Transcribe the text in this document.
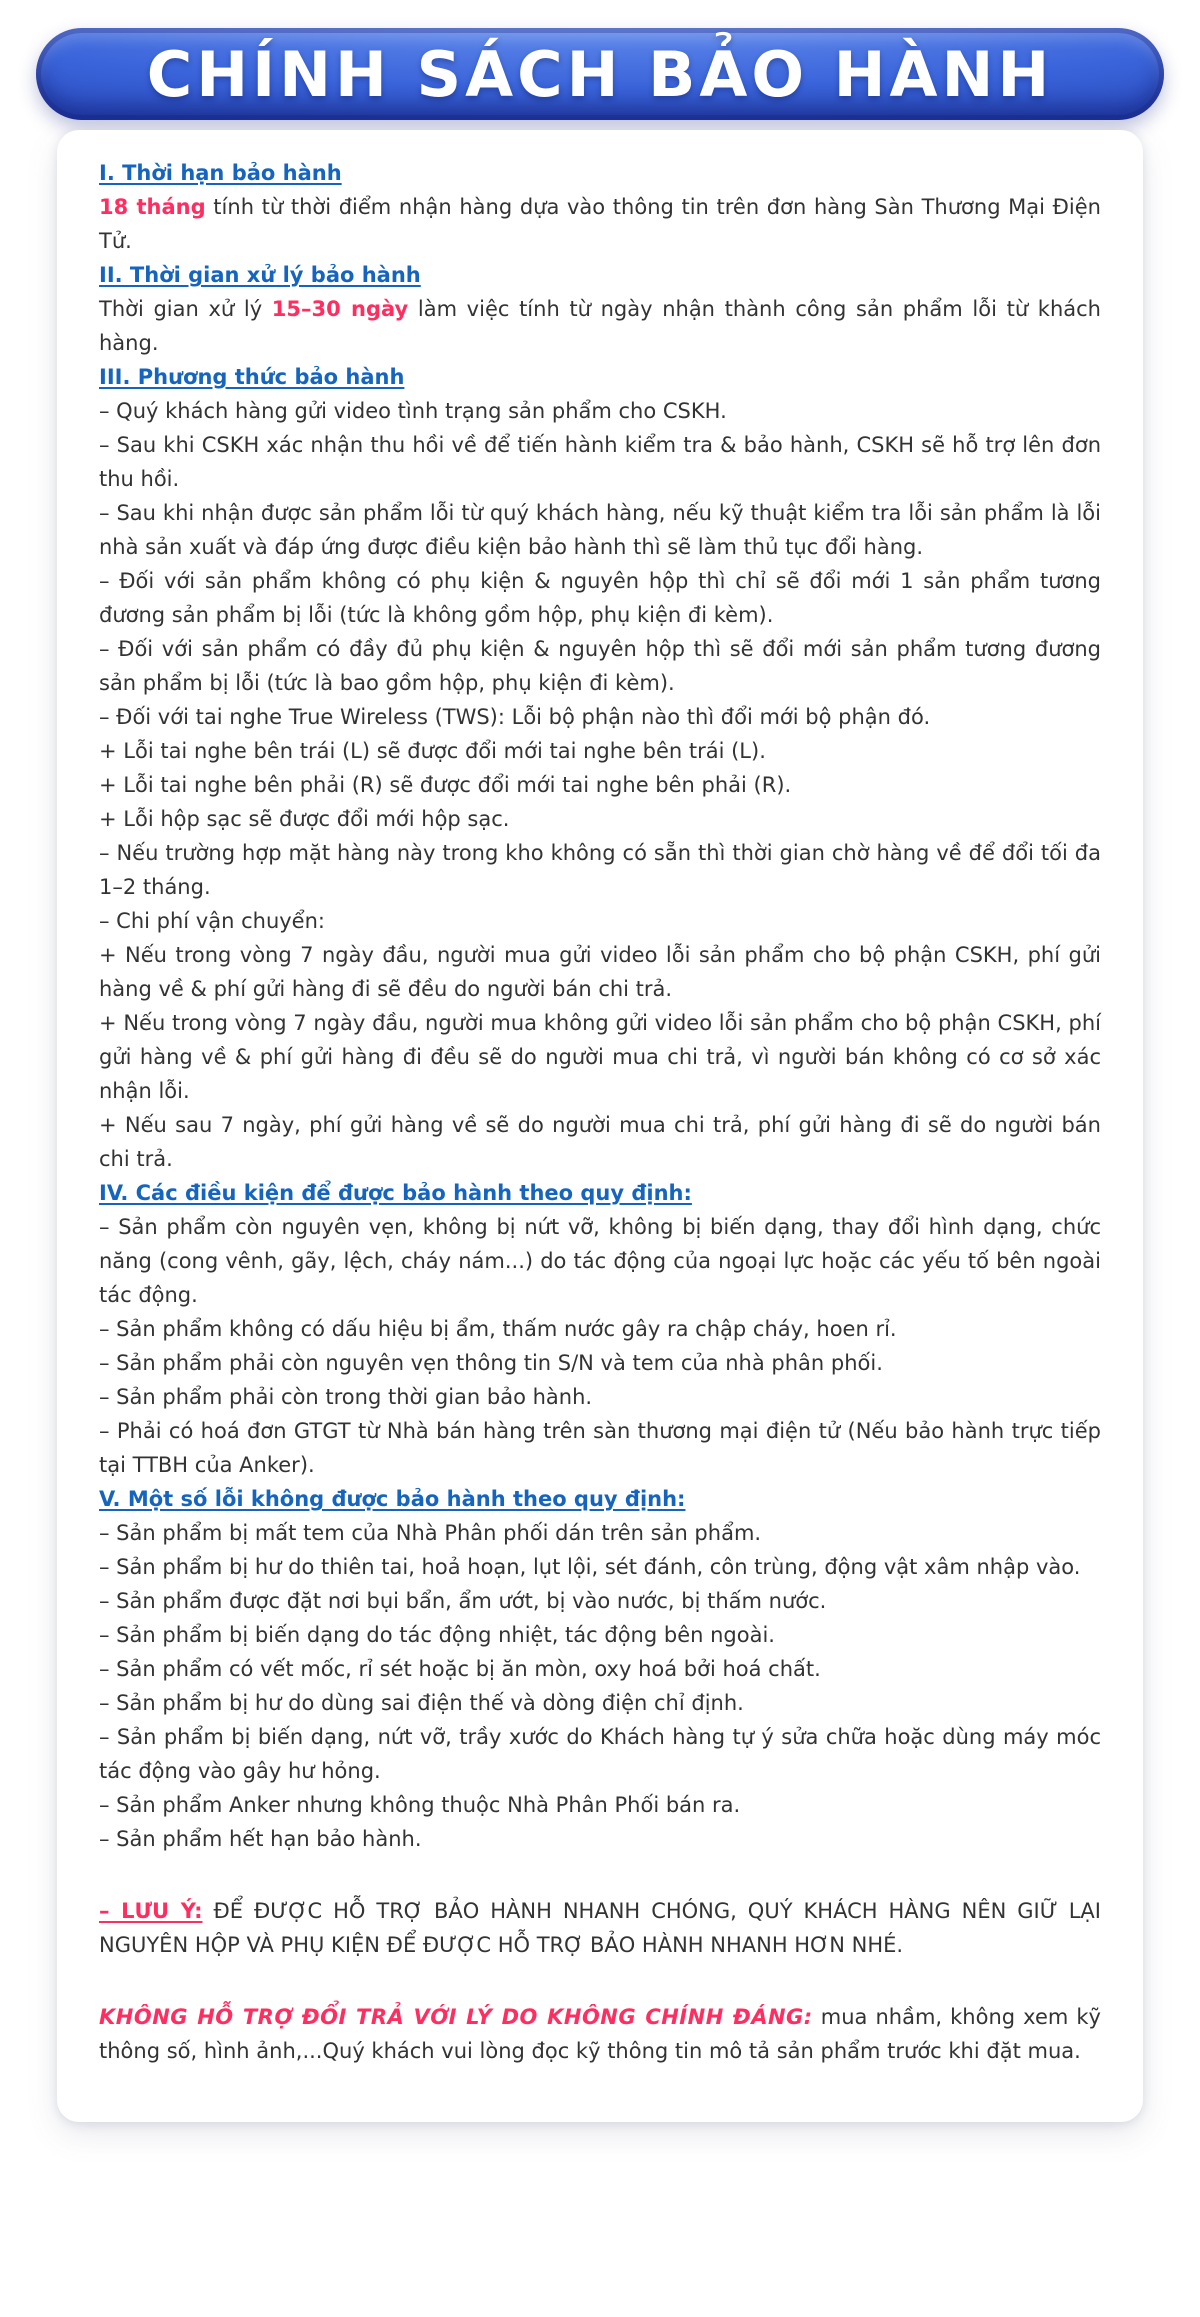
CHÍNH SÁCH BẢO HÀNH
I. Thời hạn bảo hành

18 tháng tính từ thời điểm nhận hàng dựa vào thông tin trên đơn hàng Sàn Thương Mại Điện Tử.

II. Thời gian xử lý bảo hành

Thời gian xử lý 15–30 ngày làm việc tính từ ngày nhận thành công sản phẩm lỗi từ khách hàng.

III. Phương thức bảo hành

– Quý khách hàng gửi video tình trạng sản phẩm cho CSKH.

– Sau khi CSKH xác nhận thu hồi về để tiến hành kiểm tra & bảo hành, CSKH sẽ hỗ trợ lên đơn thu hồi.

– Sau khi nhận được sản phẩm lỗi từ quý khách hàng, nếu kỹ thuật kiểm tra lỗi sản phẩm là lỗi nhà sản xuất và đáp ứng được điều kiện bảo hành thì sẽ làm thủ tục đổi hàng.

– Đối với sản phẩm không có phụ kiện & nguyên hộp thì chỉ sẽ đổi mới 1 sản phẩm tương đương sản phẩm bị lỗi (tức là không gồm hộp, phụ kiện đi kèm).

– Đối với sản phẩm có đầy đủ phụ kiện & nguyên hộp thì sẽ đổi mới sản phẩm tương đương sản phẩm bị lỗi (tức là bao gồm hộp, phụ kiện đi kèm).

– Đối với tai nghe True Wireless (TWS): Lỗi bộ phận nào thì đổi mới bộ phận đó.

+ Lỗi tai nghe bên trái (L) sẽ được đổi mới tai nghe bên trái (L).

+ Lỗi tai nghe bên phải (R) sẽ được đổi mới tai nghe bên phải (R).

+ Lỗi hộp sạc sẽ được đổi mới hộp sạc.

– Nếu trường hợp mặt hàng này trong kho không có sẵn thì thời gian chờ hàng về để đổi tối đa 1–2 tháng.

– Chi phí vận chuyển:

+ Nếu trong vòng 7 ngày đầu, người mua gửi video lỗi sản phẩm cho bộ phận CSKH, phí gửi hàng về & phí gửi hàng đi sẽ đều do người bán chi trả.

+ Nếu trong vòng 7 ngày đầu, người mua không gửi video lỗi sản phẩm cho bộ phận CSKH, phí gửi hàng về & phí gửi hàng đi đều sẽ do người mua chi trả, vì người bán không có cơ sở xác nhận lỗi.

+ Nếu sau 7 ngày, phí gửi hàng về sẽ do người mua chi trả, phí gửi hàng đi sẽ do người bán chi trả.

IV. Các điều kiện để được bảo hành theo quy định:

– Sản phẩm còn nguyên vẹn, không bị nứt vỡ, không bị biến dạng, thay đổi hình dạng, chức năng (cong vênh, gãy, lệch, cháy nám...) do tác động của ngoại lực hoặc các yếu tố bên ngoài tác động.

– Sản phẩm không có dấu hiệu bị ẩm, thấm nước gây ra chập cháy, hoen rỉ.

– Sản phẩm phải còn nguyên vẹn thông tin S/N và tem của nhà phân phối.

– Sản phẩm phải còn trong thời gian bảo hành.

– Phải có hoá đơn GTGT từ Nhà bán hàng trên sàn thương mại điện tử (Nếu bảo hành trực tiếp tại TTBH của Anker).

V. Một số lỗi không được bảo hành theo quy định:

– Sản phẩm bị mất tem của Nhà Phân phối dán trên sản phẩm.

– Sản phẩm bị hư do thiên tai, hoả hoạn, lụt lội, sét đánh, côn trùng, động vật xâm nhập vào.

– Sản phẩm được đặt nơi bụi bẩn, ẩm ướt, bị vào nước, bị thấm nước.

– Sản phẩm bị biến dạng do tác động nhiệt, tác động bên ngoài.

– Sản phẩm có vết mốc, rỉ sét hoặc bị ăn mòn, oxy hoá bởi hoá chất.

– Sản phẩm bị hư do dùng sai điện thế và dòng điện chỉ định.

– Sản phẩm bị biến dạng, nứt vỡ, trầy xước do Khách hàng tự ý sửa chữa hoặc dùng máy móc tác động vào gây hư hỏng.

– Sản phẩm Anker nhưng không thuộc Nhà Phân Phối bán ra.

– Sản phẩm hết hạn bảo hành.

– LƯU Ý: ĐỂ ĐƯỢC HỖ TRỢ BẢO HÀNH NHANH CHÓNG, QUÝ KHÁCH HÀNG NÊN GIỮ LẠI NGUYÊN HỘP VÀ PHỤ KIỆN ĐỂ ĐƯỢC HỖ TRỢ BẢO HÀNH NHANH HƠN NHÉ.

KHÔNG HỖ TRỢ ĐỔI TRẢ VỚI LÝ DO KHÔNG CHÍNH ĐÁNG: mua nhầm, không xem kỹ thông số, hình ảnh,...Quý khách vui lòng đọc kỹ thông tin mô tả sản phẩm trước khi đặt mua.
